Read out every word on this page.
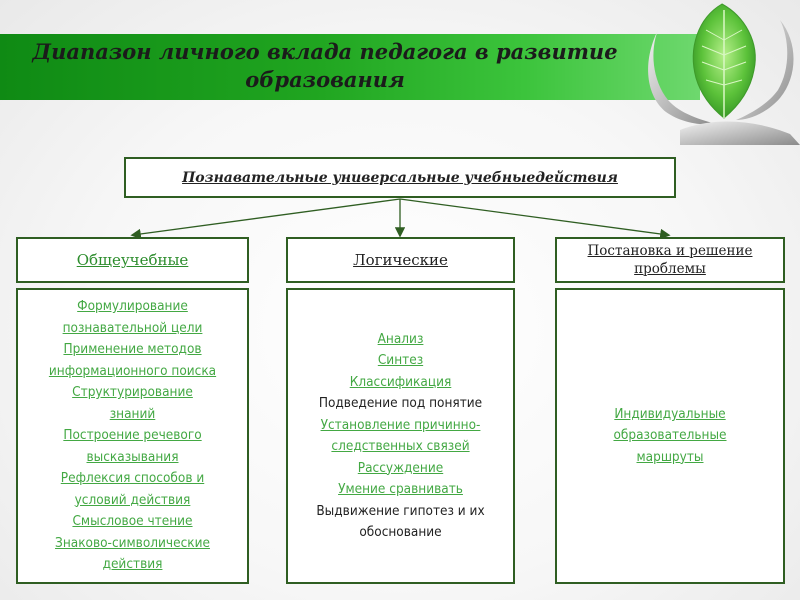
Диапазон личного вклада педагога в развитие
образования
Познавательные универсальные учебныедействия
Общеучебные	Логические	Постановка и решение
проблемы
Формулирование
познавательной цели
Применение методов
информационного поиска
Структурирование
знаний
Построение речевого
высказывания
Рефлексия способов и
условий действия
Смысловое чтение
Знаково-символические
действия
Анализ
Синтез
Классификация
Подведение под понятие
Установление причинно-
следственных связей
Рассуждение
Умение сравнивать
Выдвижение гипотез и их
обоснование
Индивидуальные
образовательные
маршруты
